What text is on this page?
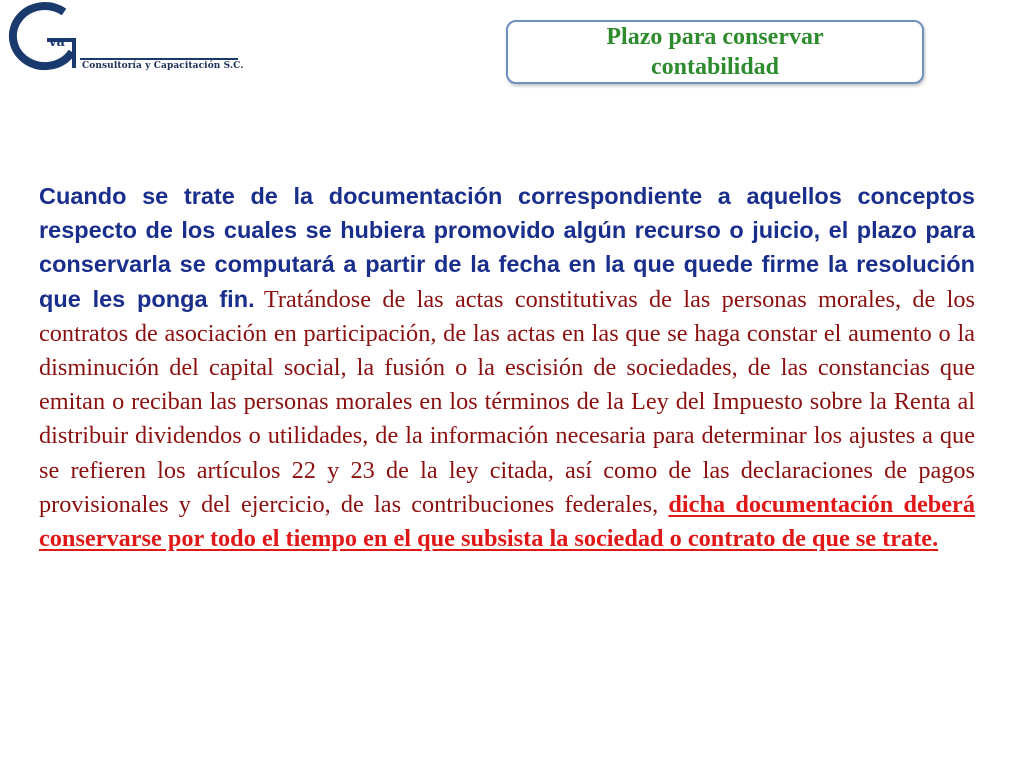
va
Consultoría y Capacitación S.C.
Plazo para conservar
contabilidad
Cuando se trate de la documentación correspondiente a aquellos conceptos respecto de los cuales se hubiera promovido algún recurso o juicio, el plazo para conservarla se computará a partir de la fecha en la que quede firme la resolución que les ponga fin. Tratándose de las actas constitutivas de las personas morales, de los contratos de asociación en participación, de las actas en las que se haga constar el aumento o la disminución del capital social, la fusión o la escisión de sociedades, de las constancias que emitan o reciban las personas morales en los términos de la Ley del Impuesto sobre la Renta al distribuir dividendos o utilidades, de la información necesaria para determinar los ajustes a que se refieren los artículos 22 y 23 de la ley citada, así como de las declaraciones de pagos provisionales y del ejercicio, de las contribuciones federales, dicha documentación deberá conservarse por todo el tiempo en el que subsista la sociedad o contrato de que se trate.
